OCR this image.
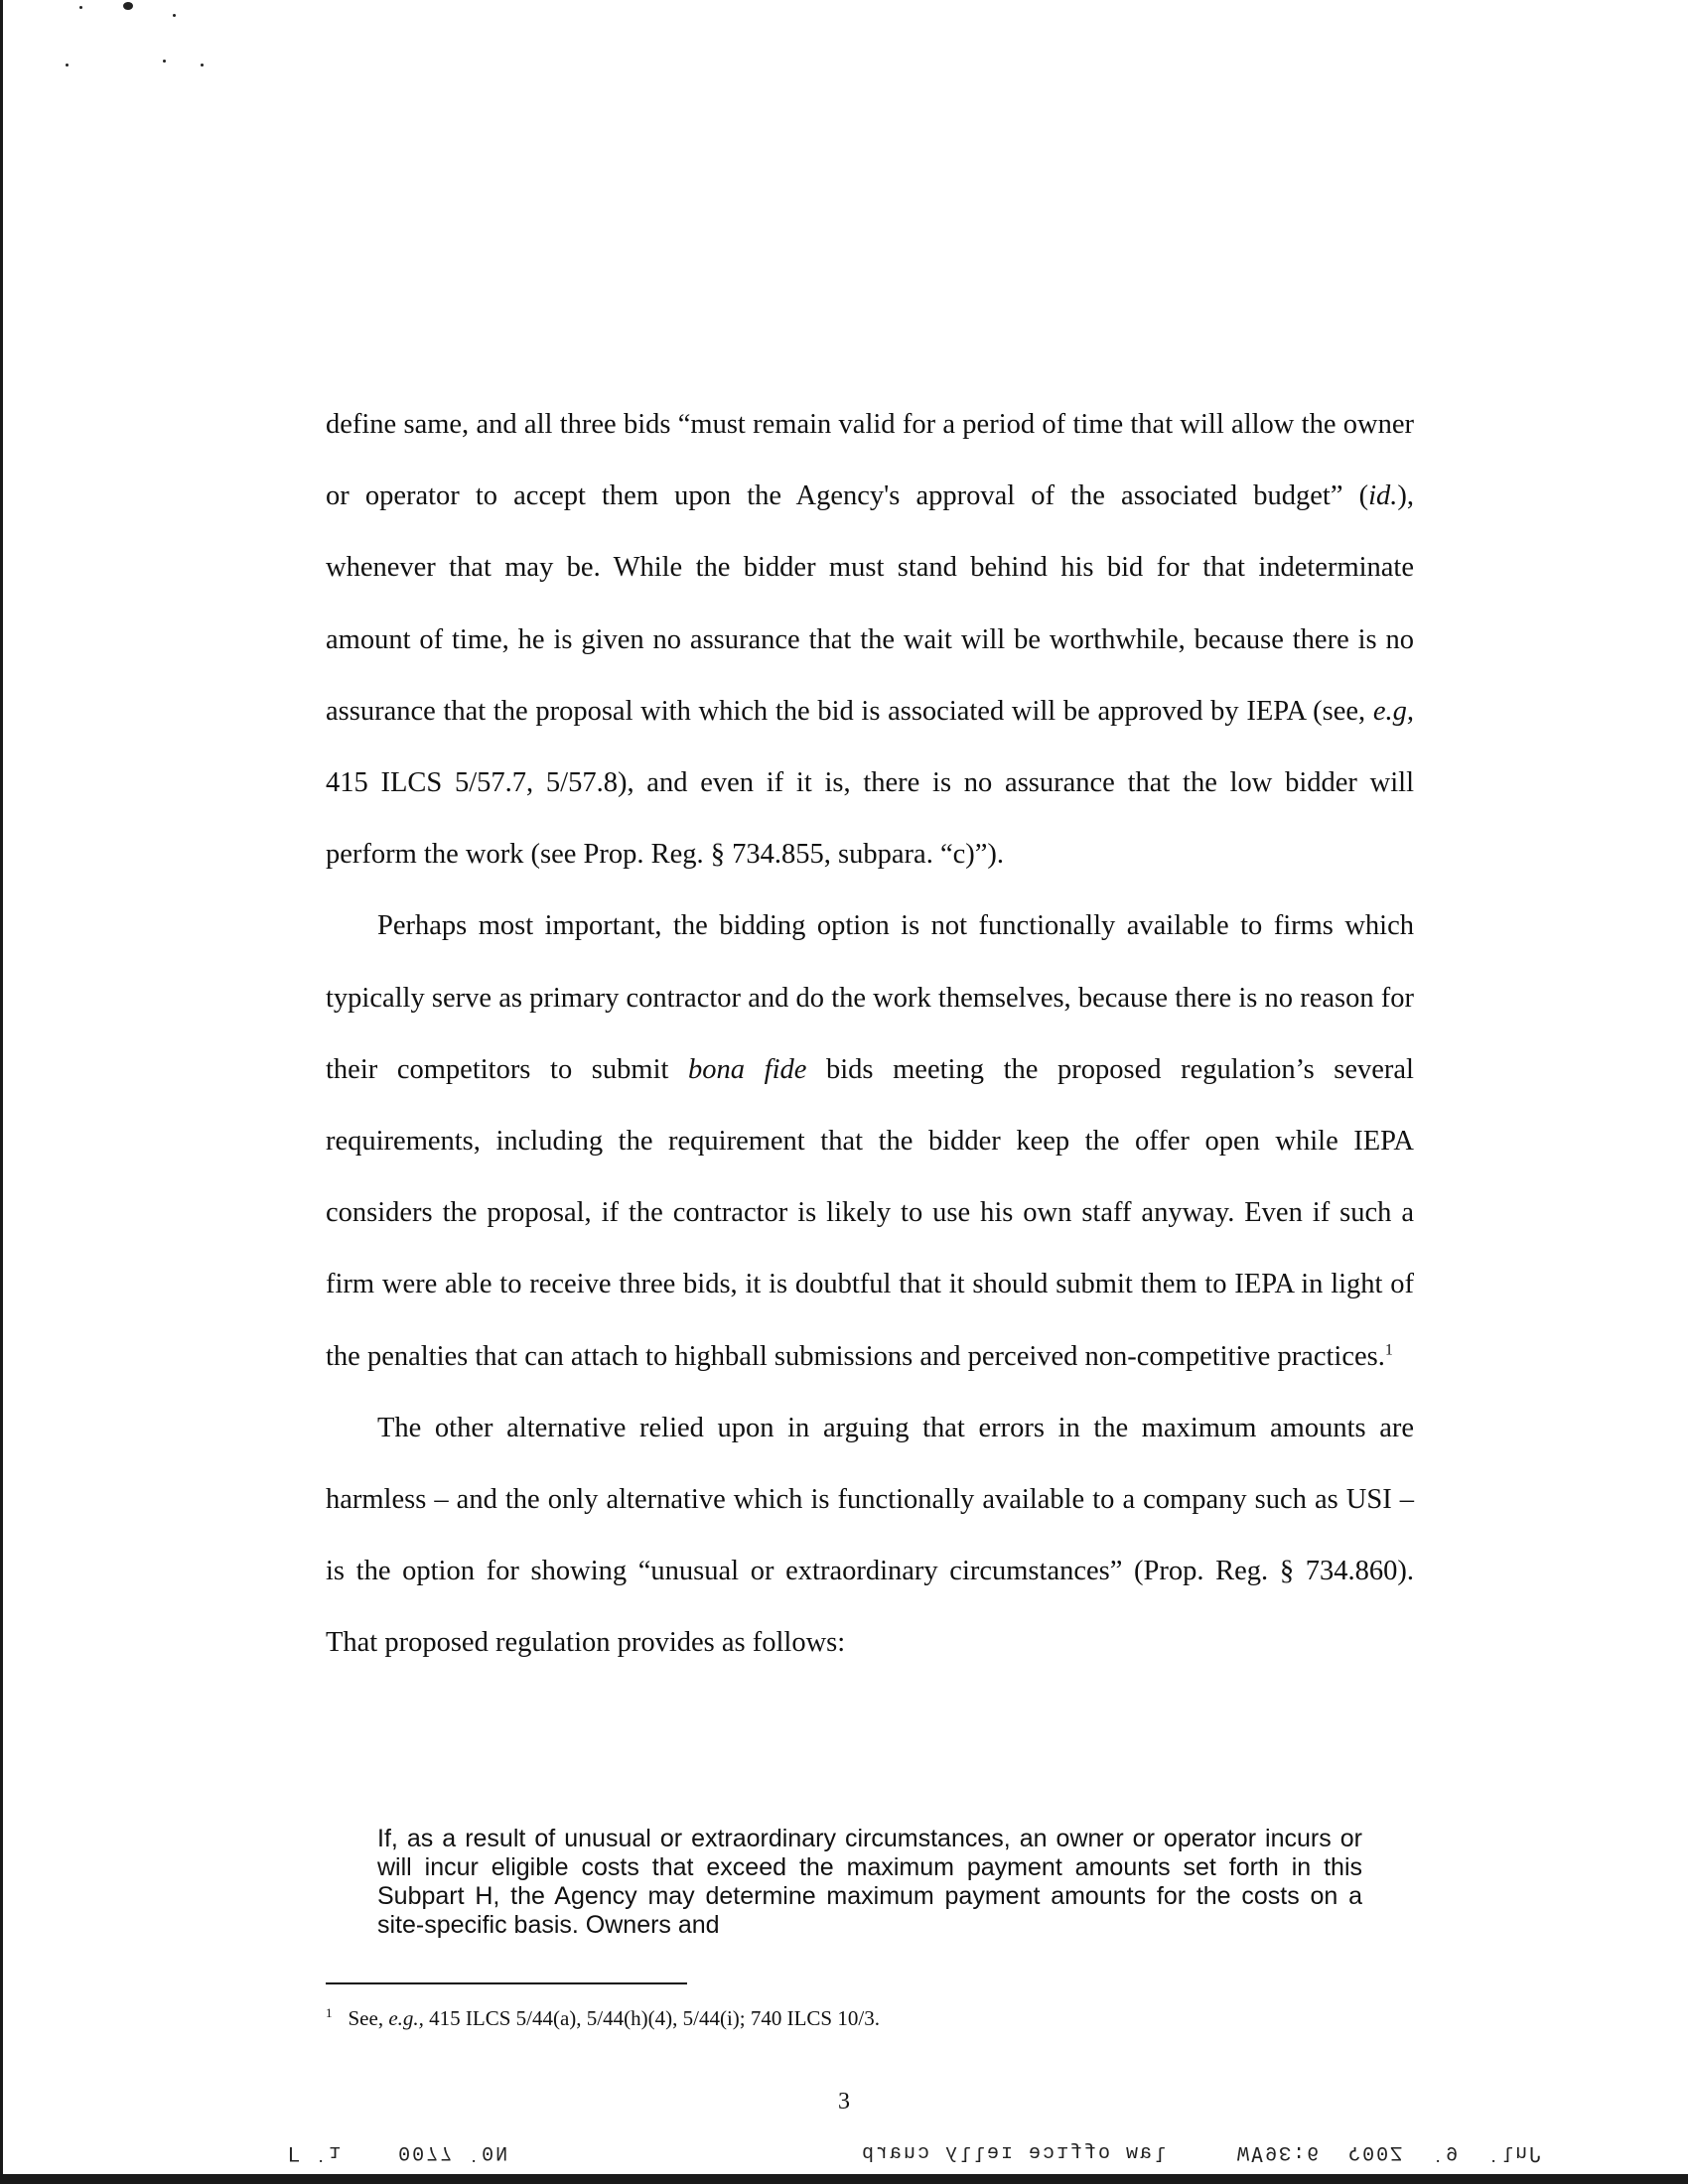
define same, and all three bids “must remain valid for a period of time that will allow the owner or operator to accept them upon the Agency's approval of the associated budget” (id.), whenever that may be. While the bidder must stand behind his bid for that indeterminate amount of time, he is given no assurance that the wait will be worthwhile, because there is no assurance that the proposal with which the bid is associated will be approved by IEPA (see, e.g, 415 ILCS 5/57.7, 5/57.8), and even if it is, there is no assurance that the low bidder will perform the work (see Prop. Reg. § 734.855, subpara. “c)”).

Perhaps most important, the bidding option is not functionally available to firms which typically serve as primary contractor and do the work themselves, because there is no reason for their competitors to submit bona fide bids meeting the proposed regulation’s several requirements, including the requirement that the bidder keep the offer open while IEPA considers the proposal, if the contractor is likely to use his own staff anyway. Even if such a firm were able to receive three bids, it is doubtful that it should submit them to IEPA in light of the penalties that can attach to highball submissions and perceived non-competitive practices.$^1$

The other alternative relied upon in arguing that errors in the maximum amounts are harmless – and the only alternative which is functionally available to a company such as USI – is the option for showing “unusual or extraordinary circumstances” (Prop. Reg. § 734.860). That proposed regulation provides as follows:

If, as a result of unusual or extraordinary circumstances, an owner or operator incurs or will incur eligible costs that exceed the maximum payment amounts set forth in this Subpart H, the Agency may determine maximum payment amounts for the costs on a site-specific basis. Owners and
$^1$ See, e.g., 415 ILCS 5/44(a), 5/44(h)(4), 5/44(i); 740 ILCS 10/3.
3
ᒥ ˙ı    0077 ˙0N	dɹɐnɔ ʎllǝɪ ǝɔıɟɟo ʍɐl     WⱯ9Ɛ:6  Ϛ00Z  ˙9  ˙lnՐ
